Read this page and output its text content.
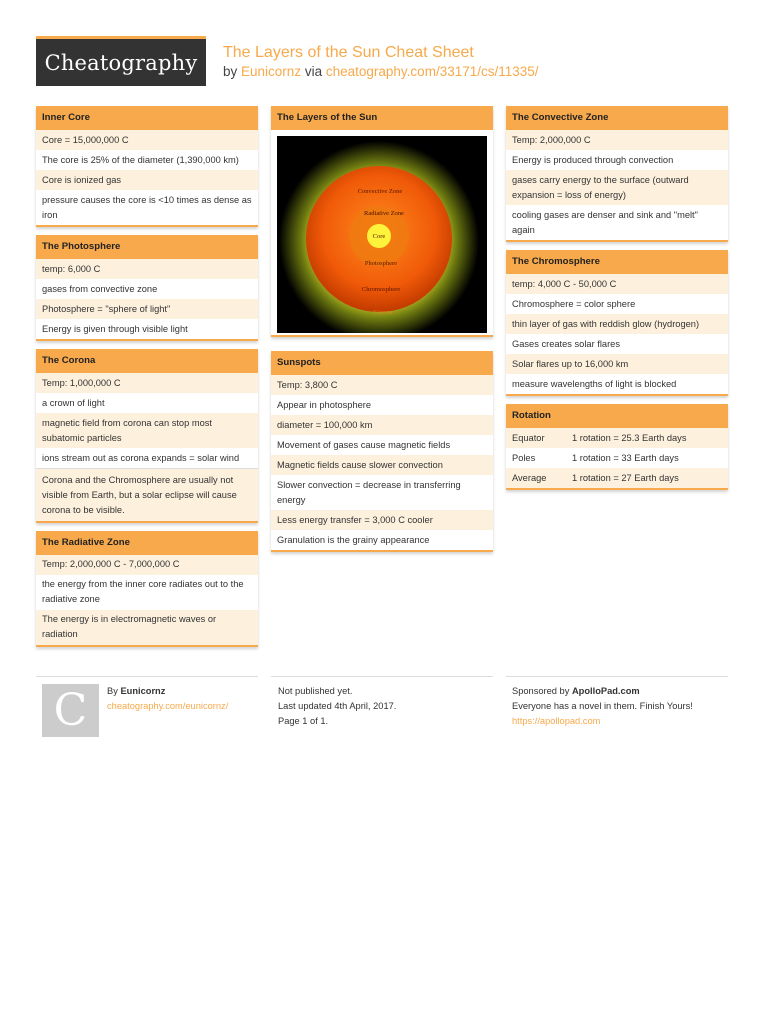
Cheatography The Layers of the Sun Cheat Sheet
by Eunicornz via cheatography.com/33171/cs/11335/
Inner Core
Core = 15,000,000 C
The core is 25% of the diameter (1,390,000 km)
Core is ionized gas
pressure causes the core is <10 times as dense as iron
The Photosphere
temp: 6,000 C
gases from convective zone
Photosphere = "sphere of light"
Energy is given through visible light
The Corona
Temp: 1,000,000 C
a crown of light
magnetic field from corona can stop most subatomic particles
ions stream out as corona expands = solar wind
Corona and the Chromosphere are usually not visible from Earth, but a solar eclipse will cause corona to be visible.
The Radiative Zone
Temp: 2,000,000 C - 7,000,000 C
the energy from the inner core radiates out to the radiative zone
The energy is in electromagnetic waves or radiation
The Layers of the Sun
Convective Zone
Radiative Zone
Core
Photosphere
Chromosphere
Corona
Sunspots
Temp: 3,800 C
Appear in photosphere
diameter = 100,000 km
Movement of gases cause magnetic fields
Magnetic fields cause slower convection
Slower convection = decrease in transferring energy
Less energy transfer = 3,000 C cooler
Granulation is the grainy appearance
The Convective Zone
Temp: 2,000,000 C
Energy is produced through convection
gases carry energy to the surface (outward expansion = loss of energy)
cooling gases are denser and sink and "melt" again
The Chromosphere
temp: 4,000 C - 50,000 C
Chromosphere = color sphere
thin layer of gas with reddish glow (hydrogen)
Gases creates solar flares
Solar flares up to 16,000 km
measure wavelengths of light is blocked
Rotation
Equator	1 rotation = 25.3 Earth days
Poles	1 rotation = 33 Earth days
Average	1 rotation = 27 Earth days
C By Eunicornz
cheatography.com/eunicornz/
Not published yet.
Last updated 4th April, 2017.
Page 1 of 1.
Sponsored by ApolloPad.com
Everyone has a novel in them. Finish Yours!
https://apollopad.com
